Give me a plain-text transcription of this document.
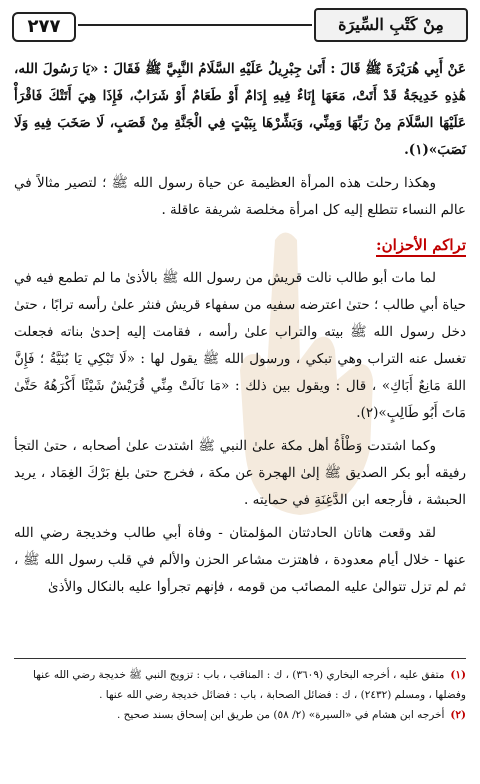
٢٧٧	مِنْ كَتْبِ السِّيرَة

عَنْ أَبِي هُرَيْرَةَ ﷺ قَالَ : أَتَىٰ جِبْرِيلُ عَلَيْهِ السَّلَامُ النَّبِيَّ ﷺ فَقَالَ : «يَا رَسُولَ الله، هَٰذِهِ خَدِيجَةُ قَدْ أَتَتْ، مَعَهَا إِنَاءٌ فِيهِ إِدَامٌ أَوْ طَعَامٌ أَوْ شَرَابٌ، فَإِذَا هِيَ أَتَتْكَ فَاقْرَأْ عَلَيْهَا السَّلَامَ مِنْ رَبِّهَا وَمِنِّي، وَبَشِّرْهَا بِبَيْتٍ فِي الْجَنَّةِ مِنْ قَصَبٍ، لَا صَخَبَ فِيهِ وَلَا نَصَبَ»(١).

وهكذا رحلت هذه المرأة العظيمة عن حياة رسول الله ﷺ ؛ لتصير مثالاً في عالم النساء تتطلع إليه كل امرأة مخلصة شريفة عاقلة .

تراكم الأحزان:

لما مات أبو طالب نالت قريش من رسول الله ﷺ بالأذىٰ ما لم تطمع فيه في حياة أبي طالب ؛ حتىٰ اعترضه سفيه من سفهاء قريش فنثر علىٰ رأسه ترابًا ، حتىٰ دخل رسول الله ﷺ بيته والتراب علىٰ رأسه ، فقامت إليه إحدىٰ بناته فجعلت تغسل عنه التراب وهي تبكي ، ورسول الله ﷺ يقول لها : «لَا تَبْكِي يَا بُنَيَّةُ ؛ فَإِنَّ اللهَ مَانِعٌ أَبَاكِ» ، قال : ويقول بين ذلك : «مَا نَالَتْ مِنِّي قُرَيْشٌ شَيْئًا أَكْرَهُهُ حَتَّىٰ مَاتَ أَبُو طَالِبٍ»(٢).

وكما اشتدت وَطْأَةُ أهل مكة علىٰ النبي ﷺ اشتدت علىٰ أصحابه ، حتىٰ التجأ رفيقه أبو بكر الصديق ﷺ إلىٰ الهجرة عن مكة ، فخرج حتىٰ بلغ بَرْكَ الغِمَاد ، يريد الحبشة ، فأرجعه ابن الدَّغِنَةِ في حمايته .

لقد وقعت هاتان الحادثتان المؤلمتان - وفاة أبي طالب وخديجة رضي الله عنها - خلال أيام معدودة ، فاهتزت مشاعر الحزن والألم في قلب رسول الله ﷺ ، ثم لم تزل تتوالىٰ عليه المصائب من قومه ، فإنهم تجرأوا عليه بالنكال والأذىٰ

(١)متفق عليه ، أخرجه البخاري (٣٦٠٩) ، ك : المناقب ، باب : تزويج النبي ﷺ خديجة رضي الله عنها وفضلها ، ومسلم (٢٤٣٢) ، ك : فضائل الصحابة ، باب : فضائل خديجة رضي الله عنها .

(٢)أخرجه ابن هشام في «السيرة» (٢/ ٥٨) من طريق ابن إسحاق بسند صحيح .
